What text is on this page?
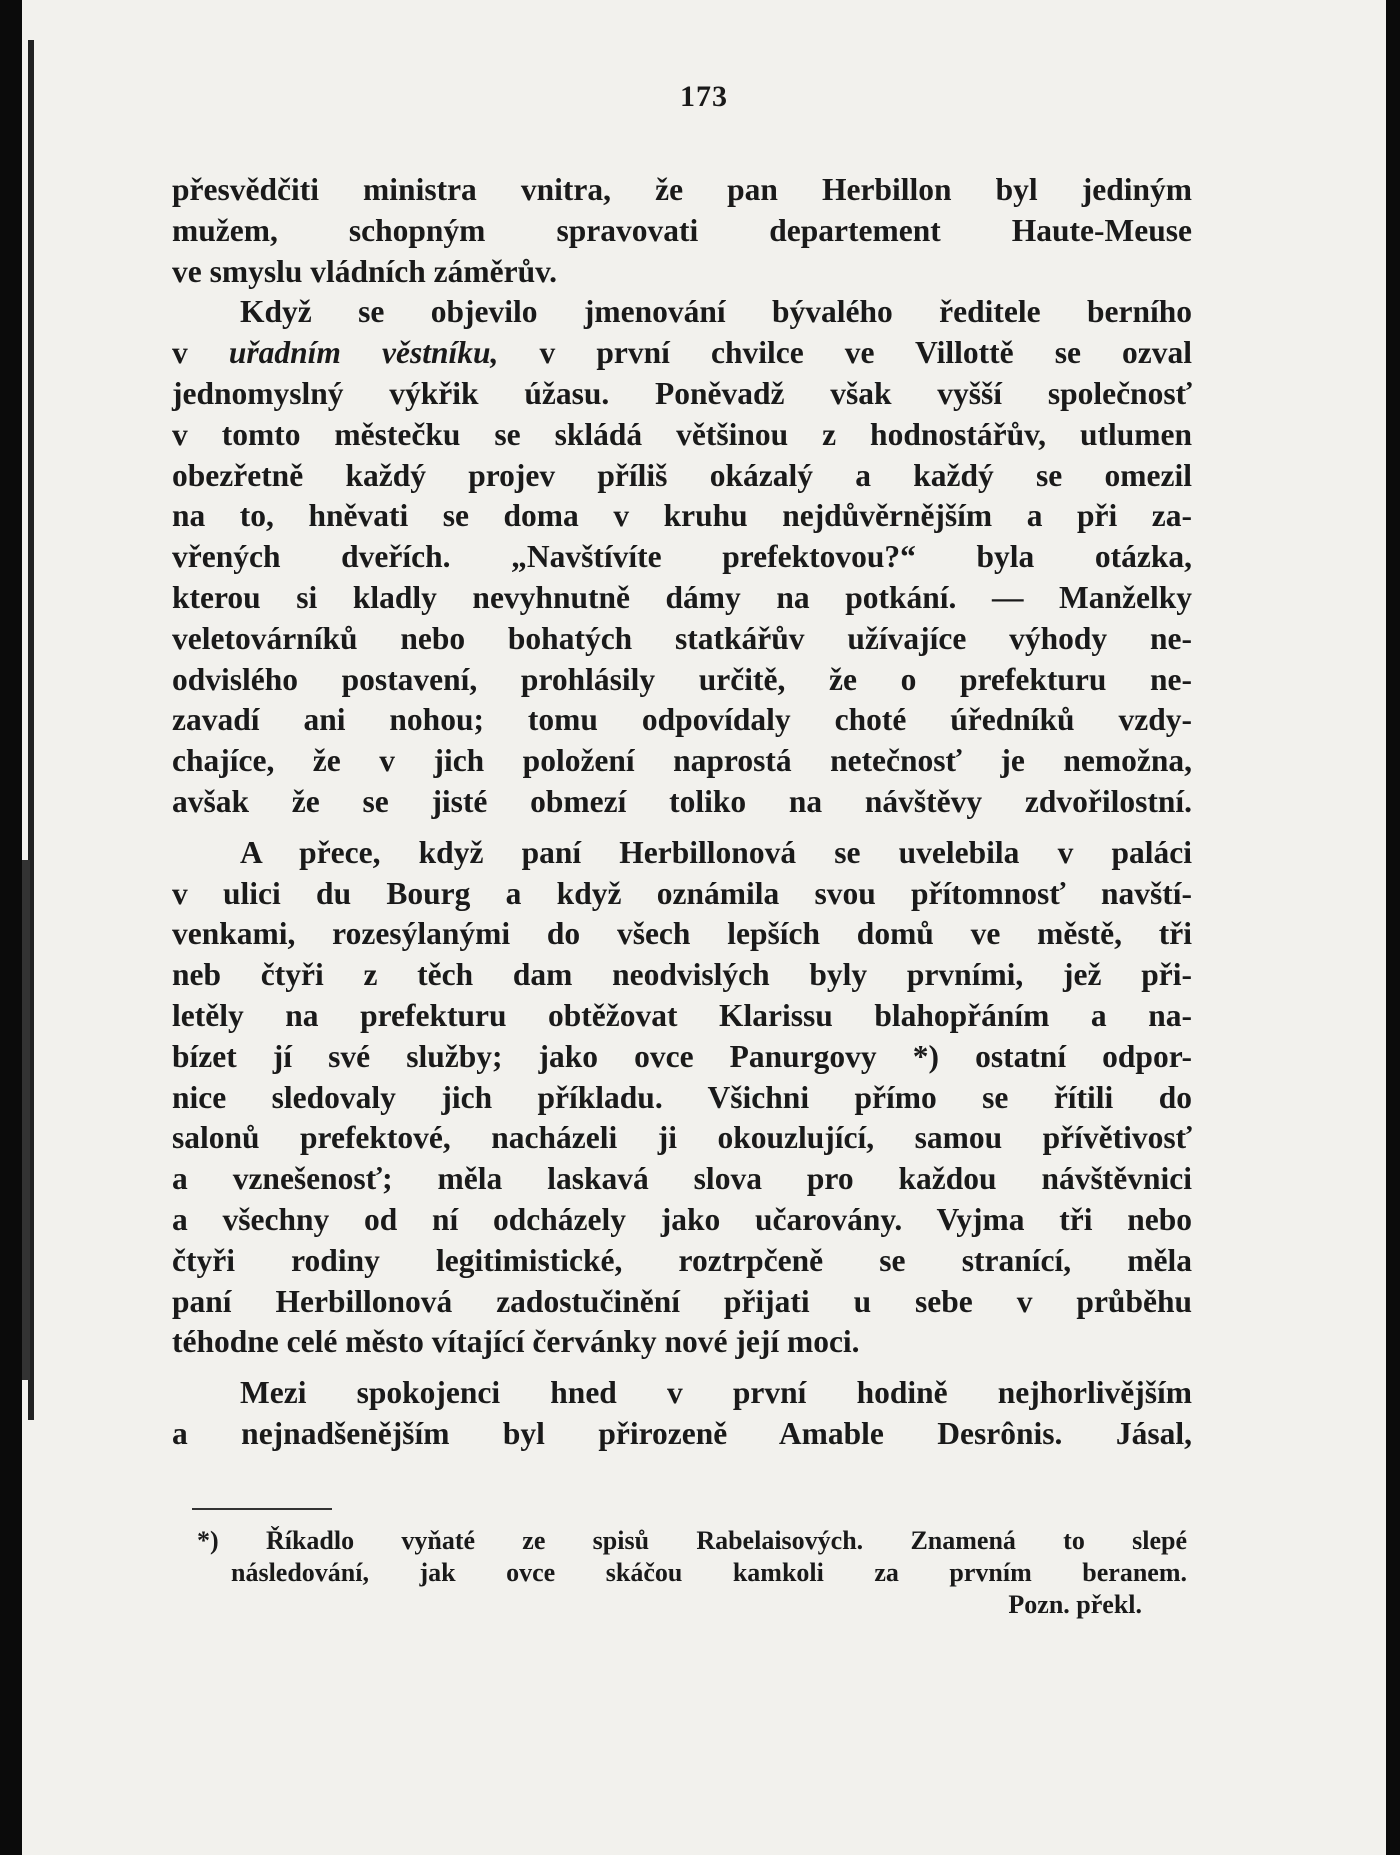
173
přesvědčiti ministra vnitra, že pan Herbillon byl jediným
mužem, schopným spravovati departement Haute-Meuse
ve smyslu vládních záměrův.
Když se objevilo jmenování bývalého ředitele berního
v uřadním věstníku, v první chvilce ve Villottě se ozval
jednomyslný výkřik úžasu. Poněvadž však vyšší společnosť
v tomto městečku se skládá většinou z hodnostářův, utlumen
obezřetně každý projev příliš okázalý a každý se omezil
na to, hněvati se doma v kruhu nejdůvěrnějším a při za-
vřených dveřích. „Navštívíte prefektovou?“ byla otázka,
kterou si kladly nevyhnutně dámy na potkání. — Manželky
veletovárníků nebo bohatých statkářův užívajíce výhody ne-
odvislého postavení, prohlásily určitě, že o prefekturu ne-
zavadí ani nohou; tomu odpovídaly choté úředníků vzdy-
chajíce, že v jich položení naprostá netečnosť je nemožna,
avšak že se jisté obmezí toliko na návštěvy zdvořilostní.
A přece, když paní Herbillonová se uvelebila v paláci
v ulici du Bourg a když oznámila svou přítomnosť navští-
venkami, rozesýlanými do všech lepších domů ve městě, tři
neb čtyři z těch dam neodvislých byly prvními, jež při-
letěly na prefekturu obtěžovat Klarissu blahopřáním a na-
bízet jí své služby; jako ovce Panurgovy *) ostatní odpor-
nice sledovaly jich příkladu. Všichni přímo se řítili do
salonů prefektové, nacházeli ji okouzlující, samou přívětivosť
a vznešenosť; měla laskavá slova pro každou návštěvnici
a všechny od ní odcházely jako učarovány. Vyjma tři nebo
čtyři rodiny legitimistické, roztrpčeně se stranící, měla
paní Herbillonová zadostučinění přijati u sebe v průběhu
téhodne celé město vítající červánky nové její moci.
Mezi spokojenci hned v první hodině nejhorlivějším
a nejnadšenějším byl přirozeně Amable Desrônis. Jásal,
*) Říkadlo vyňaté ze spisů Rabelaisových. Znamená to slepé
následování, jak ovce skáčou kamkoli za prvním beranem.
Pozn. překl.
